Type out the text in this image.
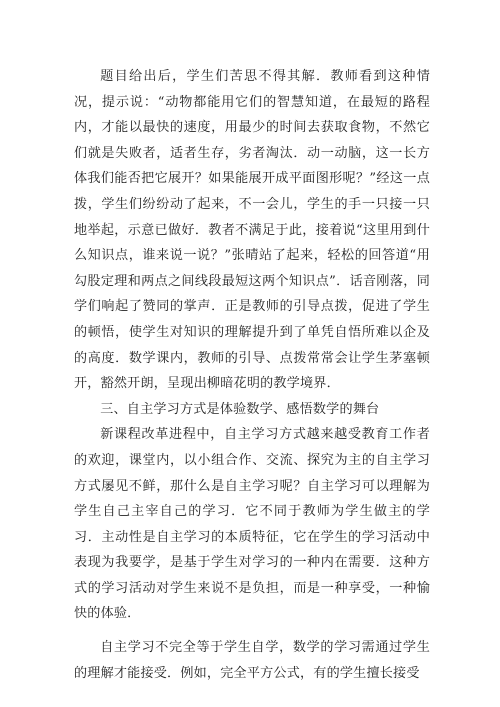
题目给出后，学生们苦思不得其解．教师看到这种情况，提示说：“动物都能用它们的智慧知道，在最短的路程内，才能以最快的速度，用最少的时间去获取食物，不然它们就是失败者，适者生存，劣者淘汰．动一动脑，这一长方体我们能否把它展开？如果能展开成平面图形呢？”经这一点拨，学生们纷纷动了起来，不一会儿，学生的手一只接一只地举起，示意已做好．教者不满足于此，接着说“这里用到什么知识点，谁来说一说？”张晴站了起来，轻松的回答道“用勾股定理和两点之间线段最短这两个知识点”．话音刚落，同学们响起了赞同的掌声．正是教师的引导点拨，促进了学生的顿悟，使学生对知识的理解提升到了单凭自悟所难以企及的高度．数学课内，教师的引导、点拨常常会让学生茅塞顿开，豁然开朗，呈现出柳暗花明的教学境界．

三、自主学习方式是体验数学、感悟数学的舞台

新课程改革进程中，自主学习方式越来越受教育工作者的欢迎，课堂内，以小组合作、交流、探究为主的自主学习方式屡见不鲜，那什么是自主学习呢？自主学习可以理解为学生自己主宰自己的学习．它不同于教师为学生做主的学习．主动性是自主学习的本质特征，它在学生的学习活动中表现为我要学，是基于学生对学习的一种内在需要．这种方式的学习活动对学生来说不是负担，而是一种享受，一种愉快的体验．

自主学习不完全等于学生自学，数学的学习需通过学生的理解才能接受．例如，完全平方公式，有的学生擅长接受
